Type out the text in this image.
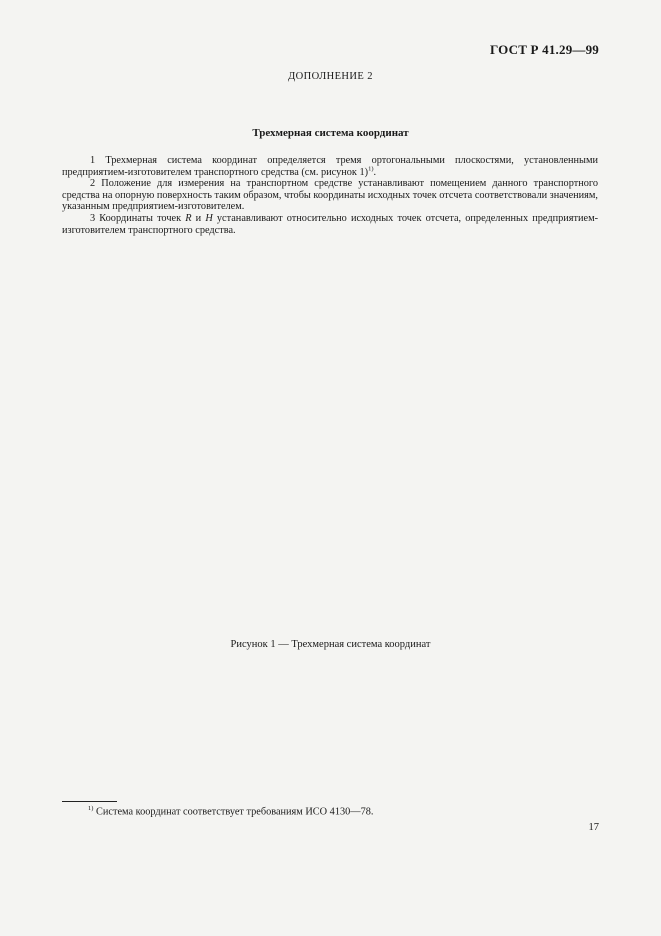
ГОСТ Р 41.29—99
ДОПОЛНЕНИЕ 2
Трехмерная система координат

1 Трехмерная система координат определяется тремя ортогональными плоскостями, установленными предприятием-изготовителем транспортного средства (см. рисунок 1)$^{1)}$.

2 Положение для измерения на транспортном средстве устанавливают помещением данного транспортного средства на опорную поверхность таким образом, чтобы координаты исходных точек отсчета соответствовали значениям, указанным предприятием-изготовителем.

3 Координаты точек R и H устанавливают относительно исходных точек отсчета, определенных предприятием-изготовителем транспортного средства.

Рисунок 1 — Трехмерная система координат
$^{1)}$ Система координат соответствует требованиям ИСО 4130—78.
17
